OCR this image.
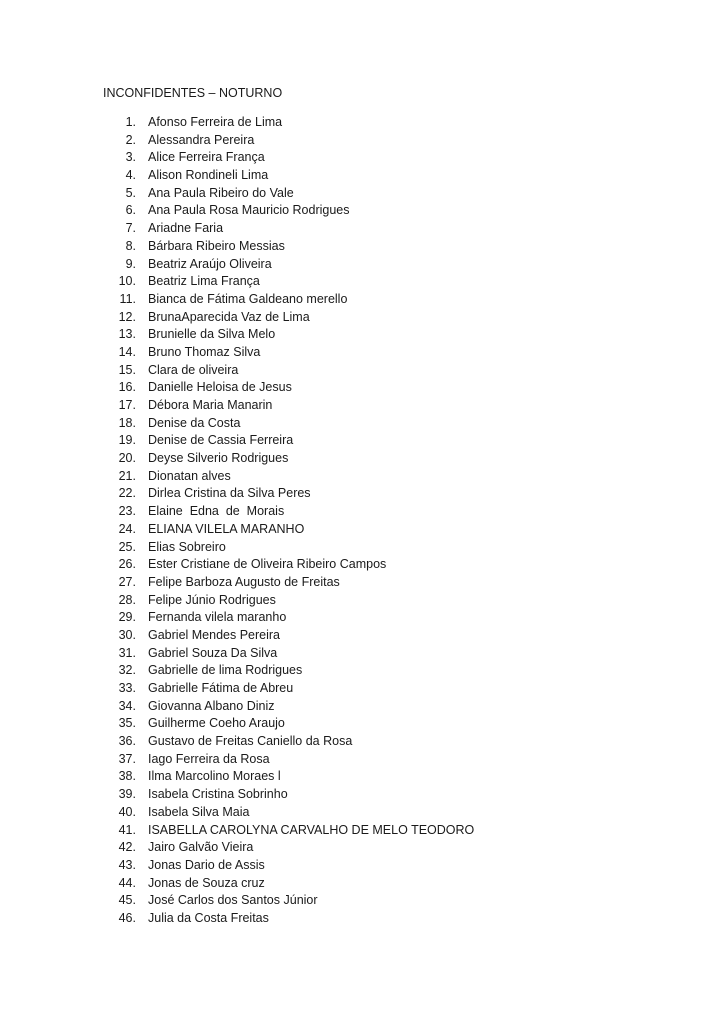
INCONFIDENTES – NOTURNO
1. Afonso Ferreira de Lima
2. Alessandra Pereira
3. Alice Ferreira França
4. Alison Rondineli Lima
5. Ana Paula Ribeiro do Vale
6. Ana Paula Rosa Mauricio Rodrigues
7. Ariadne Faria
8. Bárbara Ribeiro Messias
9. Beatriz Araújo Oliveira
10. Beatriz Lima França
11. Bianca de Fátima Galdeano merello
12. BrunaAparecida Vaz de Lima
13. Brunielle da Silva Melo
14. Bruno Thomaz Silva
15. Clara de oliveira
16. Danielle Heloisa de Jesus
17. Débora Maria Manarin
18. Denise da Costa
19. Denise de Cassia Ferreira
20. Deyse Silverio Rodrigues
21. Dionatan alves
22. Dirlea Cristina da Silva Peres
23. Elaine  Edna  de  Morais
24. ELIANA VILELA MARANHO
25. Elias Sobreiro
26. Ester Cristiane de Oliveira Ribeiro Campos
27. Felipe Barboza Augusto de Freitas
28. Felipe Júnio Rodrigues
29. Fernanda vilela maranho
30. Gabriel Mendes Pereira
31. Gabriel Souza Da Silva
32. Gabrielle de lima Rodrigues
33. Gabrielle Fátima de Abreu
34. Giovanna Albano Diniz
35. Guilherme Coeho Araujo
36. Gustavo de Freitas Caniello da Rosa
37. Iago Ferreira da Rosa
38. Ilma Marcolino Moraes l
39. Isabela Cristina Sobrinho
40. Isabela Silva Maia
41. ISABELLA CAROLYNA CARVALHO DE MELO TEODORO
42. Jairo Galvão Vieira
43. Jonas Dario de Assis
44. Jonas de Souza cruz
45. José Carlos dos Santos Júnior
46. Julia da Costa Freitas
